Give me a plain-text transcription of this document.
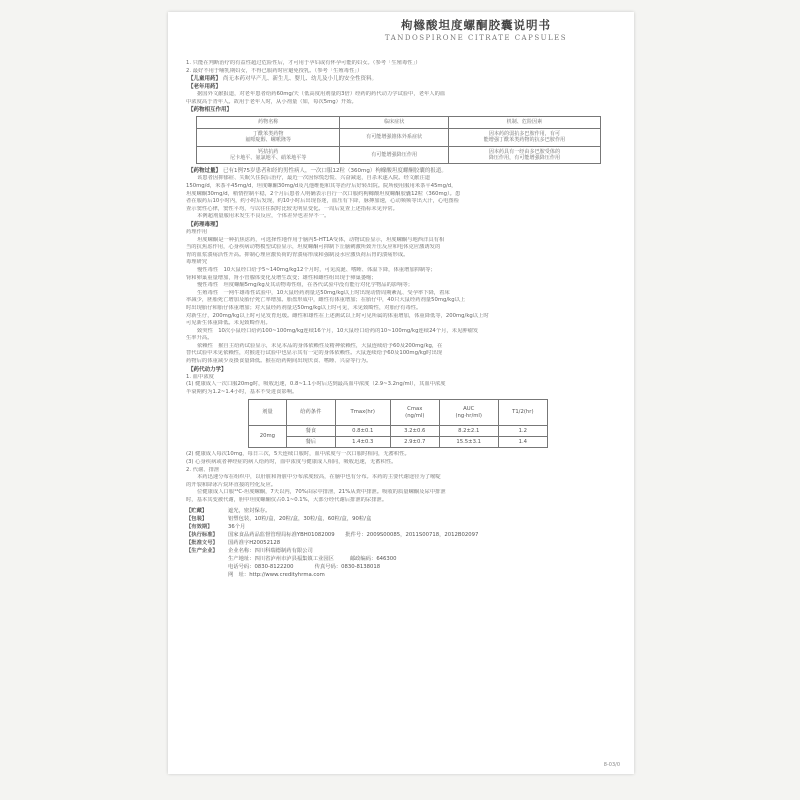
枸橼酸坦度螺酮胶囊说明书
TANDOSPIRONE CITRATE CAPSULES
1. 只能在判断治疗的有益性超过危险性后，才可用于孕妇或有怀孕可能的妇女。（参考「生殖毒性」）
2. 最好不用于哺乳期妇女，不得已服药时应避免授乳。（参考「生殖毒性」）
【儿童用药】 尚无本药对早产儿、新生儿、婴儿、幼儿及小儿的安全性资料。
【老年用药】
据国外文献报道，对老年患者给药60mg/天（低高度用剂量的3倍）经药的药代动力学试验中，老年人的血
中浓度高于青年人。故用于老年人时，从小剂量（如，每次5mg）开始。
【药物相互作用】
药物名称	临床症状	机制、危险因素
丁酰苯类药物
氟哌啶醇、螺哌隆等	有可能增强锥体外系症状	因本药的弱抗多巴胺作用，有可
能增强丁酰苯类药物的抗多巴胺作用
钙拮抗药
尼卡地平、氨氯地平、硝苯地平等	有可能增强降压作用	因本药具有一经由多巴胺受体的
降压作用，有可能增强降压作用
【药物过量】 已有1例75岁患者和经的男性病人，一次口服12粒（360mg）枸橼酸坦度螺酮胶囊的报道。
该患者因抑郁症、失眠久住院后治疗，最近一次因惊慌恐慌、兴奋减退，自杀未遂入院。经文献注道
150mg/d，米茶平45mg/d，坦度螺酮30mg/d及凡他维他和其等治疗后好转出院。院所使用服用米茶平45mg/d，
坦度螺酮30mg/d，稍情控制平稳，2个月后患者人明确表示自行一次口服约枸橼酸坦度螺酮胶囊12粒（360mg）。患
者在服药后10小时内，约小时后发现，约10小时后出现昏迷，血压有下降，脉搏加速，心动频频等出大汗，心电图检
查示窦性心律，窦性平均，与以往住院时比较无明显变化。一周后复查上述指标未见异常。
本例超剂量服用未发生不良反应，个体差异也差异不一。
【药理毒理】
药理作用
坦度螺酮是一种抗焦虑药，可选择性地作用于脑内5-HT1A受体，动物试验显示，坦度螺酮与地西洋具有相
当的抗焦虑作用，心身疾病动物模型试验显示，坦度螺酮可抑制下丘脑刺激所致升压反应和电休克应激诱发的
胃的血浆溃疡活性升高。抑制心理应激负荷的胃溃疡形成和强制浸水应激负荷后胃的溃疡形成。
毒理研究
慢性毒性　10大鼠经口给予5~140mg/kg12个月时，可见流涎、嗜睡、体温下降，体重增加抑制等；
肾和卵巢重量增加，肾小管腺体变化及增生改变；雄性和雌性组出现于卵巢萎缩；
慢性毒性　坦度螺酮5mg/kg及其动物毒性组，在各代试验中没有能行对化学物品的影响等；
生殖毒性　一网牛雄毒性试验中，10大鼠经药剂量达50mg/kg以上时出现动情周期紊乱、受孕率下降，着床
率减少，胚胎死亡增加及胎仔死亡率增加。胎盘形成中，雌性有体重增加；在胎仔中，40只大鼠经药剂量50mg/kg以上
时出现胎仔和胎仔体重增加；对大鼠经药剂量达50mg/kg以上时可见，未见致畸性，对胎仔有毒性。
对新生仔，200mg/kg以上时可见发育迟缓。雌性和雄性在上述测试以上时可见所属的体重增加，体重降低等，200mg/kg以上时
可见新生体重降低。未见致畸作用。
致突性　10次小鼠经口给药100~100mg/kg连续16个月，10大鼠经口给药的10~100mg/kg连续24个月，未见肿瘤发
生率升高。
依赖性　猴自主给药试验显示，未见本品的身体依赖性及精神依赖性，大鼠连续给予60及200mg/kg，在
替代试验中未见依赖性，对猴进行试验中也显示其有一定的身体依赖性。大鼠连续给予60及100mg/kg时出现
药物后的体重减少及摄食量降低。猴在给药期间出现厌食、嗜睡、兴奋等行为。
【药代动力学】
1. 血中浓度
(1) 健康成人一次口服20mg时，吸收迅速，0.8~1.1小时后达到最高血中浓度（2.9~3.2ng/ml），其血中浓度
半衰期约为1.2~1.4小时，基本不受进食影响。
剂量	给药条件	Tmax(hr)	Cmax
(ng/ml)	AUC
(ng·hr/ml)	T1/2(hr)
20mg	餐食	0.8±0.1	3.2±0.6	8.2±2.1	1.2
	餐后	1.4±0.3	2.9±0.7	15.5±3.1	1.4
(2) 健康成人每次10mg，每日三次，5天连续口服时，血中浓度与一次口服时相同，无蓄积性。
(3) 心身疾病或者神经症的病人给药时，血中浓度与健康成人相同，吸收迅速，无蓄积性。
2. 代谢、排泄
本药迅速分布在组织中，以肝脏和肾脏中分布浓度较高，在脑中也有分布。本药的主要代谢途径为了嘧啶
的开裂和降冰片烷环直接的羟化反应。
位健康成人口服¹⁴C-坦度螺酮，7天以内，70%由尿中排泄，21%从粪中排泄。吸收的质量螺酮及尿中排泄
时，基本其变被代谢，胆中坦度螺酮仅占0.1~0.1%，大部分经代谢后排泄的尿排泄。
【贮藏】	遮光，密封保存。
【包装】	铝塑包装，10粒/盒，20粒/盒，30粒/盒，60粒/盒，90粒/盒
【有效期】	36个月
【执行标准】 国家食品药品监督管理局标准YBH01082009　　批件号：2009S00085，2011S00718，2012B02097
【批准文号】 国药准字H20052128
【生产企业】 企业名称：四川科瑞德制药有限公司
生产地址：四川省泸州市泸县福集镇工业园区　　　邮政编码：646300
电话号码：0830-8122200　　　　传真号码：0830-8138018
网　址：http://www.credityhrma.com
8-03/0
